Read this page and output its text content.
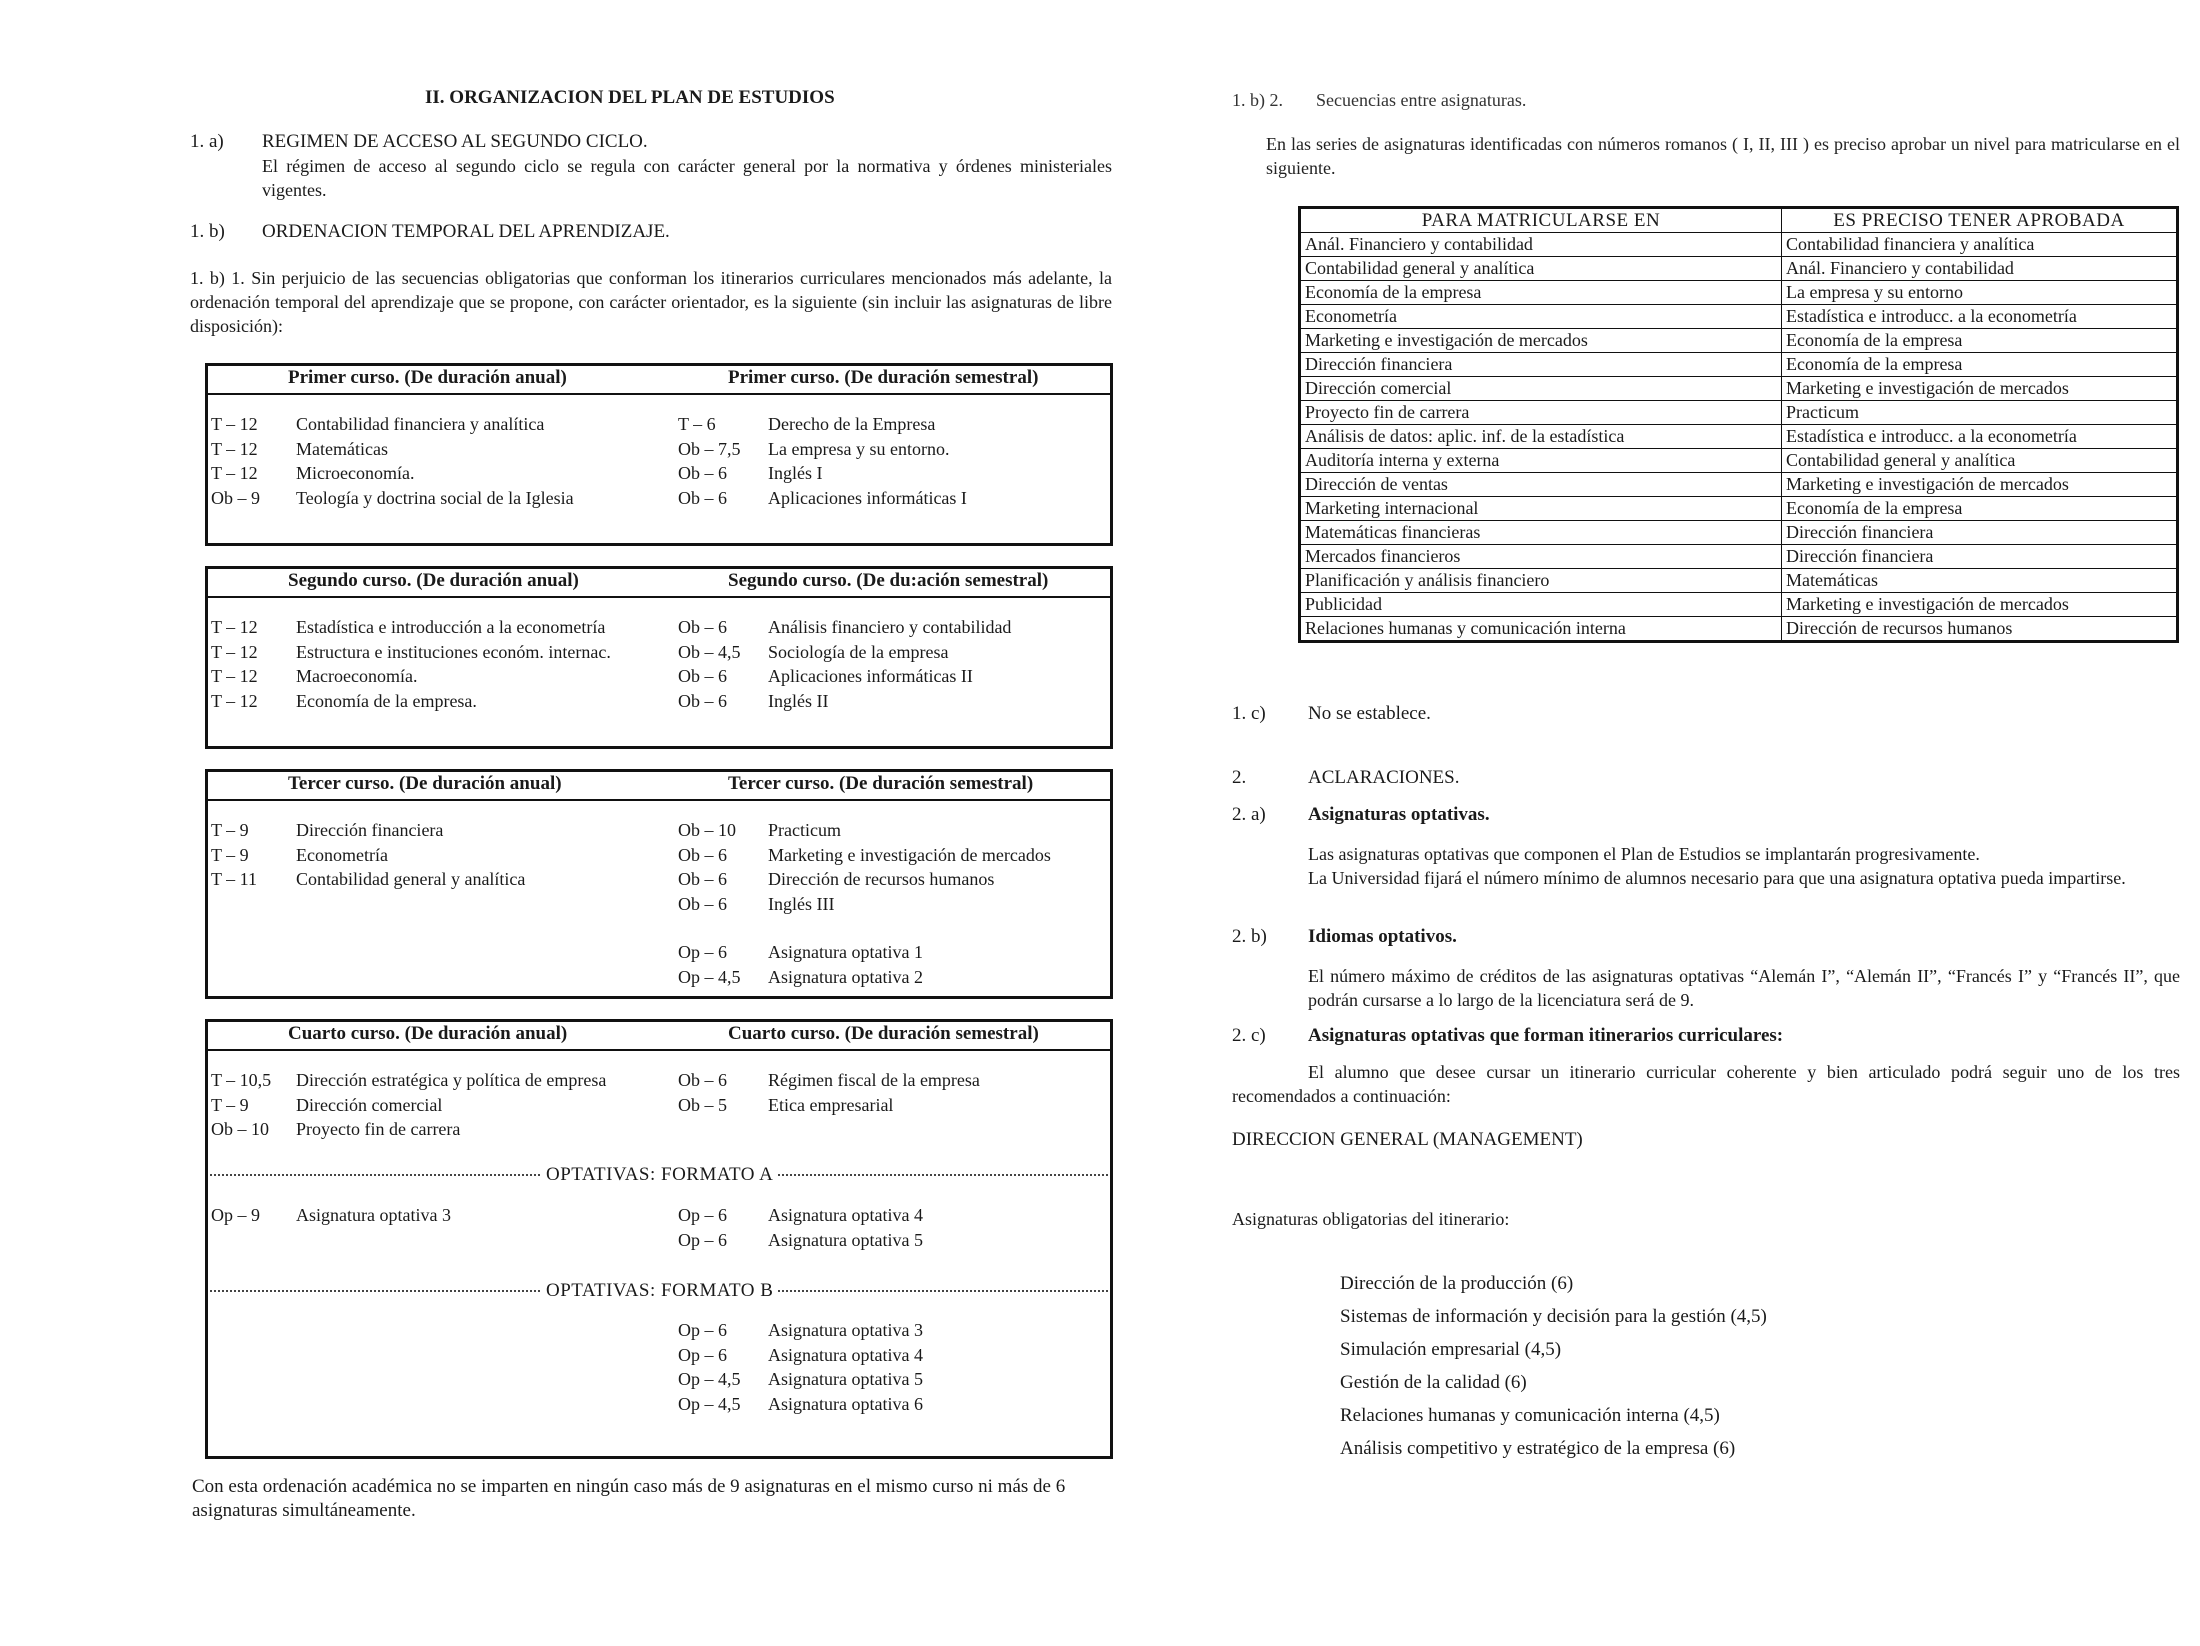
II. ORGANIZACION DEL PLAN DE ESTUDIOS
1. a) REGIMEN DE ACCESO AL SEGUNDO CICLO.
El régimen de acceso al segundo ciclo se regula con carácter general por la normativa y órdenes ministeriales vigentes.
1. b) ORDENACION TEMPORAL DEL APRENDIZAJE.
1. b) 1. Sin perjuicio de las secuencias obligatorias que conforman los itinerarios curriculares mencionados más adelante, la ordenación temporal del aprendizaje que se propone, con carácter orientador, es la siguiente (sin incluir las asignaturas de libre disposición):
Primer curso. (De duración anual)	Primer curso. (De duración semestral)
T – 12 Contabilidad financiera y analítica	T – 6	Derecho de la Empresa
T – 12 Matemáticas	Ob – 7,5 La empresa y su entorno.
T – 12 Microeconomía.	Ob – 6 Inglés I
Ob – 9 Teología y doctrina social de la Iglesia	Ob – 6 Aplicaciones informáticas I
Segundo curso. (De duración anual)	Segundo curso. (De du:ación semestral)
T – 12 Estadística e introducción a la econometría	Ob – 6 Análisis financiero y contabilidad
T – 12 Estructura e instituciones económ. internac.	Ob – 4,5 Sociología de la empresa
T – 12 Macroeconomía.	Ob – 6 Aplicaciones informáticas II
T – 12 Economía de la empresa.	Ob – 6 Inglés II
Tercer curso. (De duración anual)	Tercer curso. (De duración semestral)
T – 9	Dirección financiera	Ob – 10 Practicum
T – 9	Econometría	Ob – 6 Marketing e investigación de mercados
T – 11 Contabilidad general y analítica	Ob – 6 Dirección de recursos humanos
Ob – 6 Inglés III
Op – 6 Asignatura optativa 1
Op – 4,5 Asignatura optativa 2
Cuarto curso. (De duración anual)	Cuarto curso. (De duración semestral)
T – 10,5 Dirección estratégica y política de empresa	Ob – 6 Régimen fiscal de la empresa
T – 9	Dirección comercial	Ob – 5 Etica empresarial
Ob – 10 Proyecto fin de carrera
OPTATIVAS: FORMATO A
Op – 9 Asignatura optativa 3	Op – 6 Asignatura optativa 4
Op – 6 Asignatura optativa 5
OPTATIVAS: FORMATO B
Op – 6 Asignatura optativa 3
Op – 6 Asignatura optativa 4
Op – 4,5 Asignatura optativa 5
Op – 4,5 Asignatura optativa 6
Con esta ordenación académica no se imparten en ningún caso más de 9 asignaturas en el mismo curso ni más de 6 asignaturas simultáneamente.
1. b) 2. Secuencias entre asignaturas.
En las series de asignaturas identificadas con números romanos ( I, II, III ) es preciso aprobar un nivel para matricularse en el siguiente.
PARA MATRICULARSE EN	ES PRECISO TENER APROBADA
Anál. Financiero y contabilidad	Contabilidad financiera y analítica
Contabilidad general y analítica	Anál. Financiero y contabilidad
Economía de la empresa	La empresa y su entorno
Econometría	Estadística e introducc. a la econometría
Marketing e investigación de mercados	Economía de la empresa
Dirección financiera	Economía de la empresa
Dirección comercial	Marketing e investigación de mercados
Proyecto fin de carrera	Practicum
Análisis de datos: aplic. inf. de la estadística	Estadística e introducc. a la econometría
Auditoría interna y externa	Contabilidad general y analítica
Dirección de ventas	Marketing e investigación de mercados
Marketing internacional	Economía de la empresa
Matemáticas financieras	Dirección financiera
Mercados financieros	Dirección financiera
Planificación y análisis financiero	Matemáticas
Publicidad	Marketing e investigación de mercados
Relaciones humanas y comunicación interna	Dirección de recursos humanos
1. c) No se establece.
2.	ACLARACIONES.
2. a) Asignaturas optativas.
Las asignaturas optativas que componen el Plan de Estudios se implantarán progresivamente.
La Universidad fijará el número mínimo de alumnos necesario para que una asignatura optativa pueda impartirse.
2. b) Idiomas optativos.
El número máximo de créditos de las asignaturas optativas “Alemán I”, “Alemán II”, “Francés I” y “Francés II”, que podrán cursarse a lo largo de la licenciatura será de 9.
2. c) Asignaturas optativas que forman itinerarios curriculares:
El alumno que desee cursar un itinerario curricular coherente y bien articulado podrá seguir uno de los tres recomendados a continuación:
DIRECCION GENERAL (MANAGEMENT)
Asignaturas obligatorias del itinerario:
Dirección de la producción (6)
Sistemas de información y decisión para la gestión (4,5)
Simulación empresarial (4,5)
Gestión de la calidad (6)
Relaciones humanas y comunicación interna (4,5)
Análisis competitivo y estratégico de la empresa (6)
